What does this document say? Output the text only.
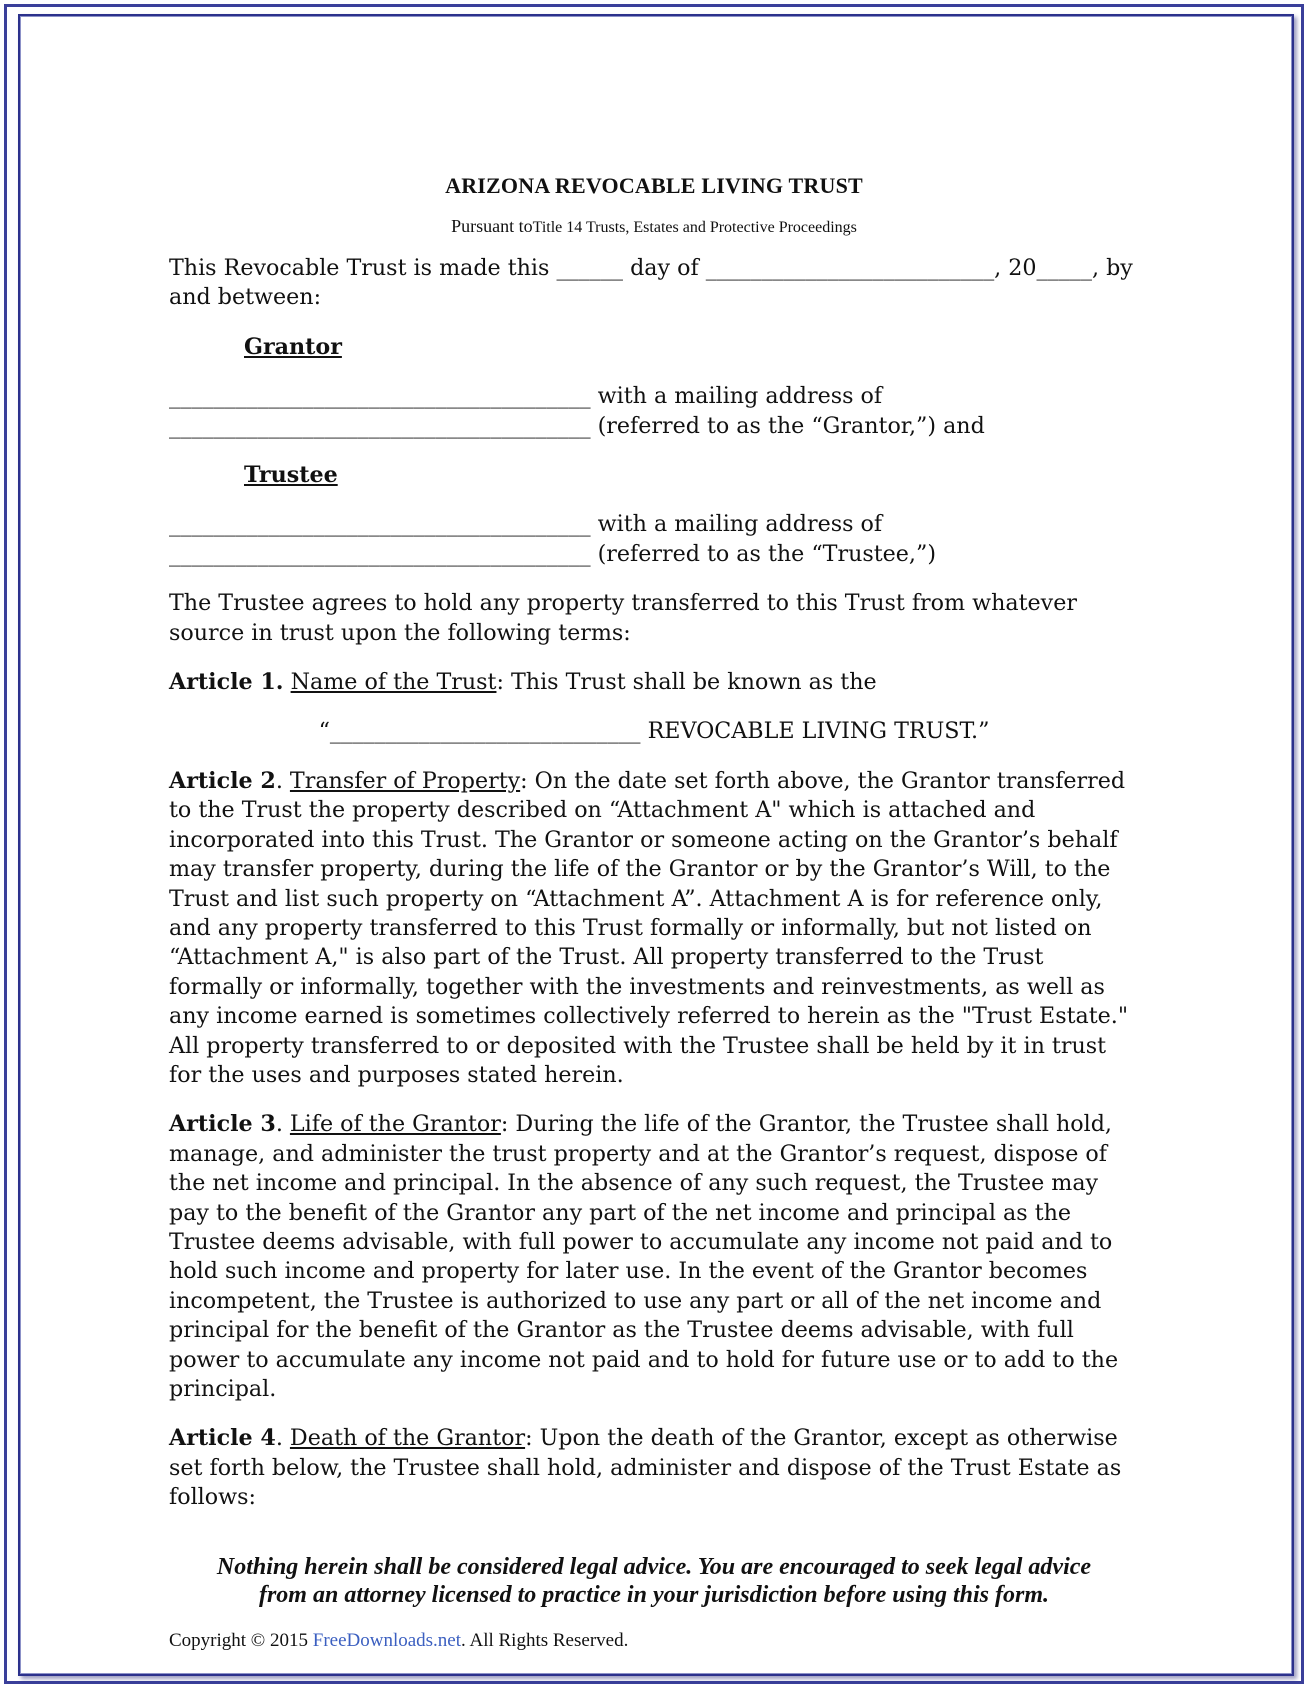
ARIZONA REVOCABLE LIVING TRUST
Pursuant toTitle 14 Trusts, Estates and Protective Proceedings

This Revocable Trust is made this ______ day of __________________________, 20_____, by and between:

Grantor

______________________________________ with a mailing address of ______________________________________ (referred to as the “Grantor,”) and

Trustee

______________________________________ with a mailing address of ______________________________________ (referred to as the “Trustee,”)

The Trustee agrees to hold any property transferred to this Trust from whatever source in trust upon the following terms:

Article 1. Name of the Trust: This Trust shall be known as the

“____________________________ REVOCABLE LIVING TRUST.”

Article 2. Transfer of Property: On the date set forth above, the Grantor transferred to the Trust the property described on “Attachment A" which is attached and incorporated into this Trust. The Grantor or someone acting on the Grantor’s behalf may transfer property, during the life of the Grantor or by the Grantor’s Will, to the Trust and list such property on “Attachment A”. Attachment A is for reference only, and any property transferred to this Trust formally or informally, but not listed on “Attachment A," is also part of the Trust. All property transferred to the Trust formally or informally, together with the investments and reinvestments, as well as any income earned is sometimes collectively referred to herein as the "Trust Estate." All property transferred to or deposited with the Trustee shall be held by it in trust for the uses and purposes stated herein.

Article 3. Life of the Grantor: During the life of the Grantor, the Trustee shall hold, manage, and administer the trust property and at the Grantor’s request, dispose of the net income and principal. In the absence of any such request, the Trustee may pay to the benefit of the Grantor any part of the net income and principal as the Trustee deems advisable, with full power to accumulate any income not paid and to hold such income and property for later use. In the event of the Grantor becomes incompetent, the Trustee is authorized to use any part or all of the net income and principal for the benefit of the Grantor as the Trustee deems advisable, with full power to accumulate any income not paid and to hold for future use or to add to the principal.

Article 4. Death of the Grantor: Upon the death of the Grantor, except as otherwise set forth below, the Trustee shall hold, administer and dispose of the Trust Estate as follows:

Nothing herein shall be considered legal advice. You are encouraged to seek legal advice
from an attorney licensed to practice in your jurisdiction before using this form.
Copyright © 2015 FreeDownloads.net. All Rights Reserved.
